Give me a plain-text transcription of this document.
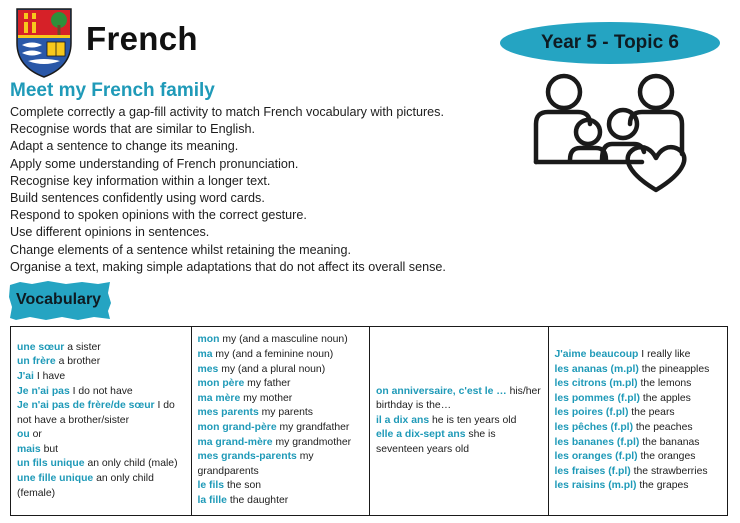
French	Year 5 - Topic 6
Meet my French family
Complete correctly a gap-fill activity to match French vocabulary with pictures.
Recognise words that are similar to English.
Adapt a sentence to change its meaning.
Apply some understanding of French pronunciation.
Recognise key information within a longer text.
Build sentences confidently using word cards.
Respond to spoken opinions with the correct gesture.
Use different opinions in sentences.
Change elements of a sentence whilst retaining the meaning.
Organise a text, making simple adaptations that do not affect its overall sense.
Vocabulary

une sœur a sister

un frère a brother

J'ai I have

Je n'ai pas I do not have

Je n'ai pas de frère/de sœur I do not have a brother/sister

ou or

mais but

un fils unique an only child (male)

une fille unique an only child (female)

mon my (and a masculine noun)

ma my (and a feminine noun)

mes my (and a plural noun)

mon père my father

ma mère my mother

mes parents my parents

mon grand-père my grandfather

ma grand-mère my grandmother

mes grands-parents my grandparents

le fils the son

la fille the daughter

on anniversaire, c'est le … his/her birthday is the…

il a dix ans he is ten years old

elle a dix-sept ans she is seventeen years old

J'aime beaucoup I really like

les ananas (m.pl) the pineapples

les citrons (m.pl) the lemons

les pommes (f.pl) the apples

les poires (f.pl) the pears

les pêches (f.pl) the peaches

les bananes (f.pl) the bananas

les oranges (f.pl) the oranges

les fraises (f.pl) the strawberries

les raisins (m.pl) the grapes
